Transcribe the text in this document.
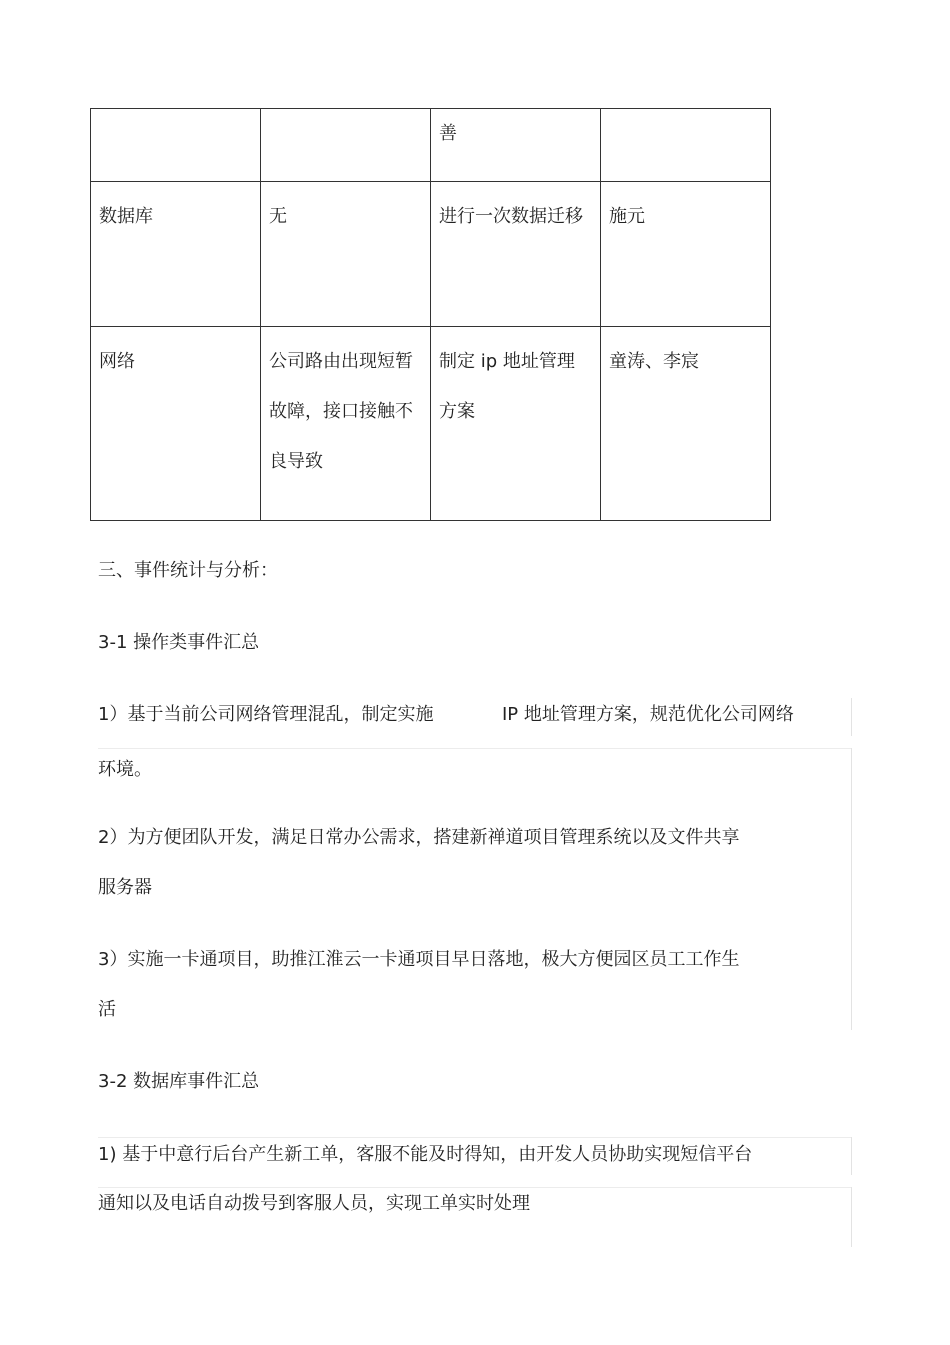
		善	
数据库	无	进行一次数据迁移	施元
网络	公司路由出现短暂故障，接口接触不良导致	制定 ip 地址管理方案	童涛、李宸
三、事件统计与分析：
3-1 操作类事件汇总
1）基于当前公司网络管理混乱，制定实施	IP 地址管理方案，规范优化公司网络
环境。
2）为方便团队开发，满足日常办公需求，搭建新禅道项目管理系统以及文件共享
服务器
3）实施一卡通项目，助推江淮云一卡通项目早日落地，极大方便园区员工工作生
活
3-2 数据库事件汇总
1) 基于中意行后台产生新工单，客服不能及时得知，由开发人员协助实现短信平台
通知以及电话自动拨号到客服人员，实现工单实时处理
